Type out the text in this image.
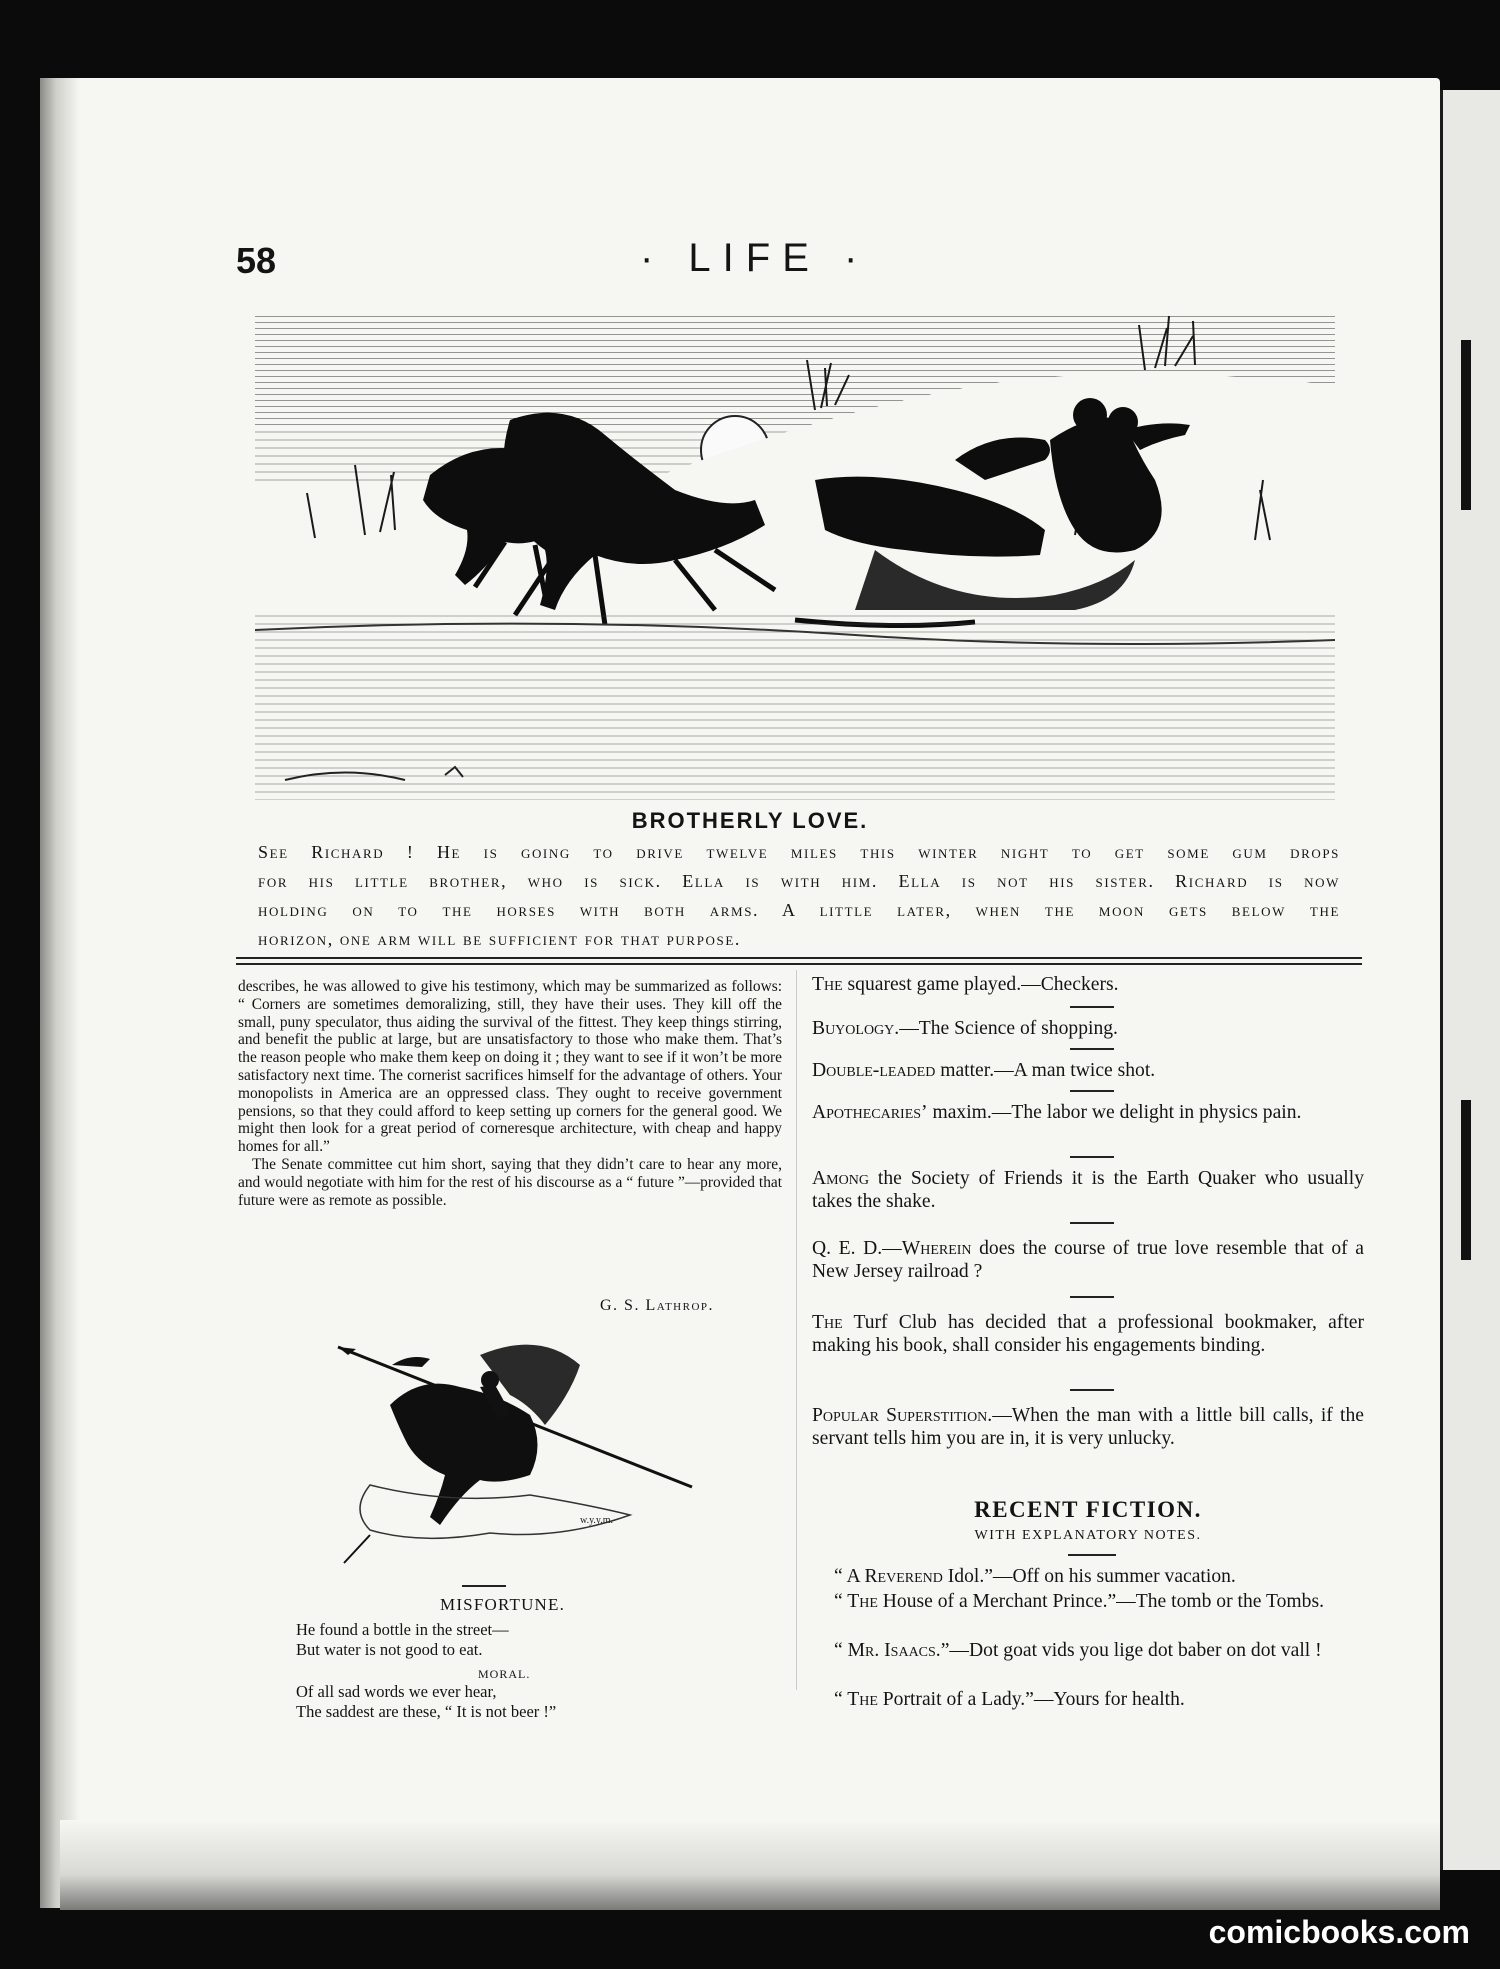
58	· LIFE ·
BROTHERLY LOVE.
See Richard ! He is going to drive twelve miles this winter night to get some gum drops
for his little brother, who is sick. Ella is with him. Ella is not his sister. Richard is now
holding on to the horses with both arms. A little later, when the moon gets below the
horizon, one arm will be sufficient for that purpose.

describes, he was allowed to give his testimony, which may be summarized as follows: “ Corners are sometimes demoralizing, still, they have their uses. They kill off the small, puny speculator, thus aiding the survival of the fittest. They keep things stirring, and benefit the public at large, but are unsatisfactory to those who make them. That’s the reason people who make them keep on doing it ; they want to see if it won’t be more satisfactory next time. The cornerist sacrifices himself for the advantage of others. Your monopolists in America are an oppressed class. They ought to receive government pensions, so that they could afford to keep setting up corners for the general good. We might then look for a great period of corneresque architecture, with cheap and happy homes for all.”

The Senate committee cut him short, saying that they didn’t care to hear any more, and would negotiate with him for the rest of his discourse as a “ future ”—provided that future were as remote as possible.

G. S. Lathrop.
w.y.y.m.
MISFORTUNE.
He found a bottle in the street—
But water is not good to eat.
MORAL.
Of all sad words we ever hear,
The saddest are these, “ It is not beer !”
The squarest game played.—Checkers.
Buyology.—The Science of shopping.
Double-leaded matter.—A man twice shot.
Apothecaries’ maxim.—The labor we delight in physics pain.
Among the Society of Friends it is the Earth Quaker who usually takes the shake.
Q. E. D.—Wherein does the course of true love resemble that of a New Jersey railroad ?
The Turf Club has decided that a professional bookmaker, after making his book, shall consider his engagements binding.
Popular Superstition.—When the man with a little bill calls, if the servant tells him you are in, it is very unlucky.
RECENT FICTION.
WITH EXPLANATORY NOTES.
“ A Reverend Idol.”—Off on his summer vacation.
“ The House of a Merchant Prince.”—The tomb or the Tombs.
“ Mr. Isaacs.”—Dot goat vids you lige dot baber on dot vall !
“ The Portrait of a Lady.”—Yours for health.
comicbooks.com
